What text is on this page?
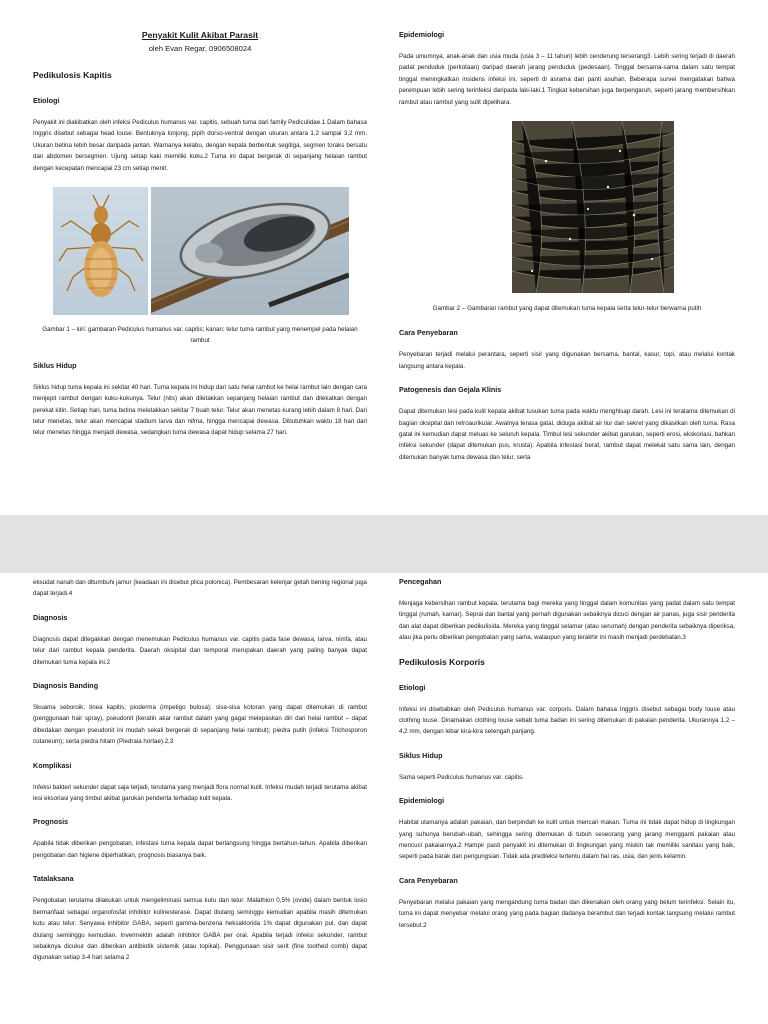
Penyakit Kulit Akibat Parasit
oleh Evan Regar, 0906508024
Pedikulosis Kapitis
Etiologi
Penyakit ini diakibatkan oleh infeksi Pediculus humanus var. capitis, sebuah tuma dari family Pediculidae.1 Dalam bahasa Inggris disebut sebagai head louse. Bentuknya lonjong, pipih dorso-ventral dengan ukuran antara 1,2 sampai 3,2 mm. Ukuran betina lebih besar daripada jantan. Warnanya kelabu, dengan kepala berbentuk segitiga, segmen toraks bersatu dan abdomen bersegmen. Ujung setiap kaki memiliki kuku.2 Tuma ini dapat bergerak di sepanjang helaian rambut dengan kecepatan mencapai 23 cm setiap menit.
Gambar 1 – kiri: gambaran Pediculus humanus var. capitis; kanan: telur tuma rambut yang menempel pada helaian rambut
Siklus Hidup
Siklus hidup tuma kepala ini sekitar 40 hari. Tuma kepala ini hidup dari satu helai rambut ke helai rambut lain dengan cara menjepit rambut dengan kuku-kukunya. Telur (nits) akan diletakkan sepanjang helaian rambut dan dilekatkan dengan perekat kitin. Setiap hari, tuma betina meletakkan sekitar 7 buah telur. Telur akan menetas kurang lebih dalam 8 hari. Dari telur menetas, telur akan mencapai stadium larva dan nifma, hingga mencapai dewasa. Dibutuhkan waktu 18 hari dari telur menetas hingga menjadi dewasa, sedangkan tuma dewasa dapat hidup selama 27 hari.
Epidemiologi
Pada umumnya, anak-anak dan usia muda (usia 3 – 11 tahun) lebih cenderung terserang3. Lebih sering terjadi di daerah padat penduduk (perkotaan) daripad daerah jarang penduduk (pedesaan). Tinggal bersama-sama dalam satu tempat tinggal meningkatkan insidens infeksi ini, seperti di asrama dan panti asuhan. Beberapa survei mengatakan bahwa perempuan lebih sering terinfeksi daripada laki-laki.1 Tingkat kebersihan juga berpengaruh, seperti jarang membersihkan rambut atau rambut yang sulit dipelihara.
Gambar 2 – Gambaran rambut yang dapat ditemukan tuma kepala serta telur-telur berwarna putih
Cara Penyebaran
Penyebaran terjadi melalui perantara, seperti sisir yang digunakan bersama, bantal, kasur, topi, atau melalui kontak langsung antara kepala.
Patogenesis dan Gejala Klinis
Dapat ditemukan lesi pada kulit kepala akibat tusukan tuma pada waktu menghisap darah. Lesi ini teratama ditemukan di bagian oksipital dan retroaurikular. Awalnya terasa gatal, diduga akibat air liur dan sekret yang dikasilkan oleh tuma. Rasa gatal ini kemudian dapat meluas ke seluruh kepala. Timbul lesi sekunder akibat garukan, seperti erosi, ekskoriasi, bahkan infeksi sekunder (dapat ditemukan pus, krusta). Apabila infestasi berat, rambut dapat melekat satu sama lain, dengan ditemukan banyak tuma dewasa dan telur, serta
eksudat nanah dan ditumbuhi jamur (keadaan ini disebut plica polonica). Pembesaran kelenjar getah bening regional juga dapat terjadi.4
Diagnosis
Diagnosis dapat ditegakkan dengan menemukan Pediculus humanus var. capitis pada fase dewasa, larva, nimfa, atau telur dari rambut kepala penderita. Daerah oksipital dan temporal merupakan daerah yang paling banyak dapat ditemukan tuma kepala ini.2
Diagnosis Banding
Skuama seboroik; tinea kapitis; pioderma (impetigo bulosa); sisa-sisa kotoran yang dapat ditemukan di rambut (penggunaan hair spray), pseudonit (keratin akar rambut dalam yang gagal melepaskan diri dari helai rambut – dapat dibedakan dengan pseudonit ini mudah sekali bergerak di sepanjang helai rambut); piedra putih (infeksi Trichosporon cutaneum); serta piedra hitam (Piedraia hortae).2,3
Komplikasi
Infeksi bakteri sekunder dapat saja terjadi, terutama yang menjadi flora normal kulit. Infeksi mudah terjadi terutama akibat lesi eksoriasi yang timbul akibat garukan penderita terhadap kulit kepala.
Prognosis
Apabila tidak diberikan pengobatan, infestasi tuma kepala dapat berlangsung hingga bertahun-tahun. Apabila diberikan pengobatan dan higiene diperhatikan, prognosis biasanya baik.
Tatalaksana
Pengobatan terutama dilakukan untuk mengeliminasi semua kutu dan telur. Malathion 0,5% (ovide) dalam bentuk losio bermanfaat sebagai organofosfat inhibitor kolinesterase. Dapat diulang seminggu kemudian apabila masih ditemukan kutu atau telur. Senyawa inhibitor GABA, seperti gamma-benzena heksaklorida 1% dapat digunakan pul, dan dapat diulang semiinggu kemudian. Invermektin adalah inhibitor GABA per oral. Apabila terjadi infeksi sekunder, rambut sebaiknya dicukur dan diberikan antibiotik sistemik (atau topikal). Penggunaan sisir serit (fine toothed comb) dapat digunakan setiap 3-4 hari selama 2
Pencegahan
Menjaga kebersihan rambut kepala, terutama bagi mereka yang tinggal dalam komunitas yang padat dalam satu tempat tinggal (rumah, kamar). Seprai dan bantal yang pernah digunakan sebaiknya dicuci dengan air panas, juga sisir penderita dan alat dapat diberikan pedikulisida. Mereka yang tinggal selamar (atau serumah) dengan penderita sebaiknya diperiksa, atau jika perlu diberikan pengobatan yang sama, walaupun yang terakhir ini masih menjadi perdebatan.3
Pedikulosis Korporis
Etiologi
Infeksi ini disebabkan oleh Pediculus humanus var. corporis. Dalam bahasa Inggris disebut sebagai body louse atau clothing louse. Dinamakan clothing louse sebab tuma badan ini sering ditemukan di pakaian penderita. Ukurannya 1,2 – 4,2 mm, dengan lebar kira-kira setengah panjang.
Siklus Hidup
Sama seperti Pediculus humanus var. capitis.
Epidemiologi
Habitat utamanya adalah pakaian, dan berpindah ke kulit untuk mencari makan. Tuma ini tidak dapat hidup di lingkungan yang suhunya berubah-ubah, sehingga sering ditemukan di tubuh seseorang yang jarang mengganti pakaian atau mencuci pakaiannya.2 Hampir pasti penyakit ini ditemukan di lingkungan yang miskin tak memiliki sanitasi yang baik, seperti pada barak dan pengungsian. Tidak ada predileksi tertentu dalam hal ras, usia, dan jenis kelamin.
Cara Penyebaran
Penyebaran melalui pakaian yang mengandung tuma badan dan dikenakan oleh orang yang belum terinfeksi. Selain itu, tuma ini dapat menyebar melalui orang yang pada bagian dadanya berambut dan terjadi kontak langsung melalui rambut tersebut.2
